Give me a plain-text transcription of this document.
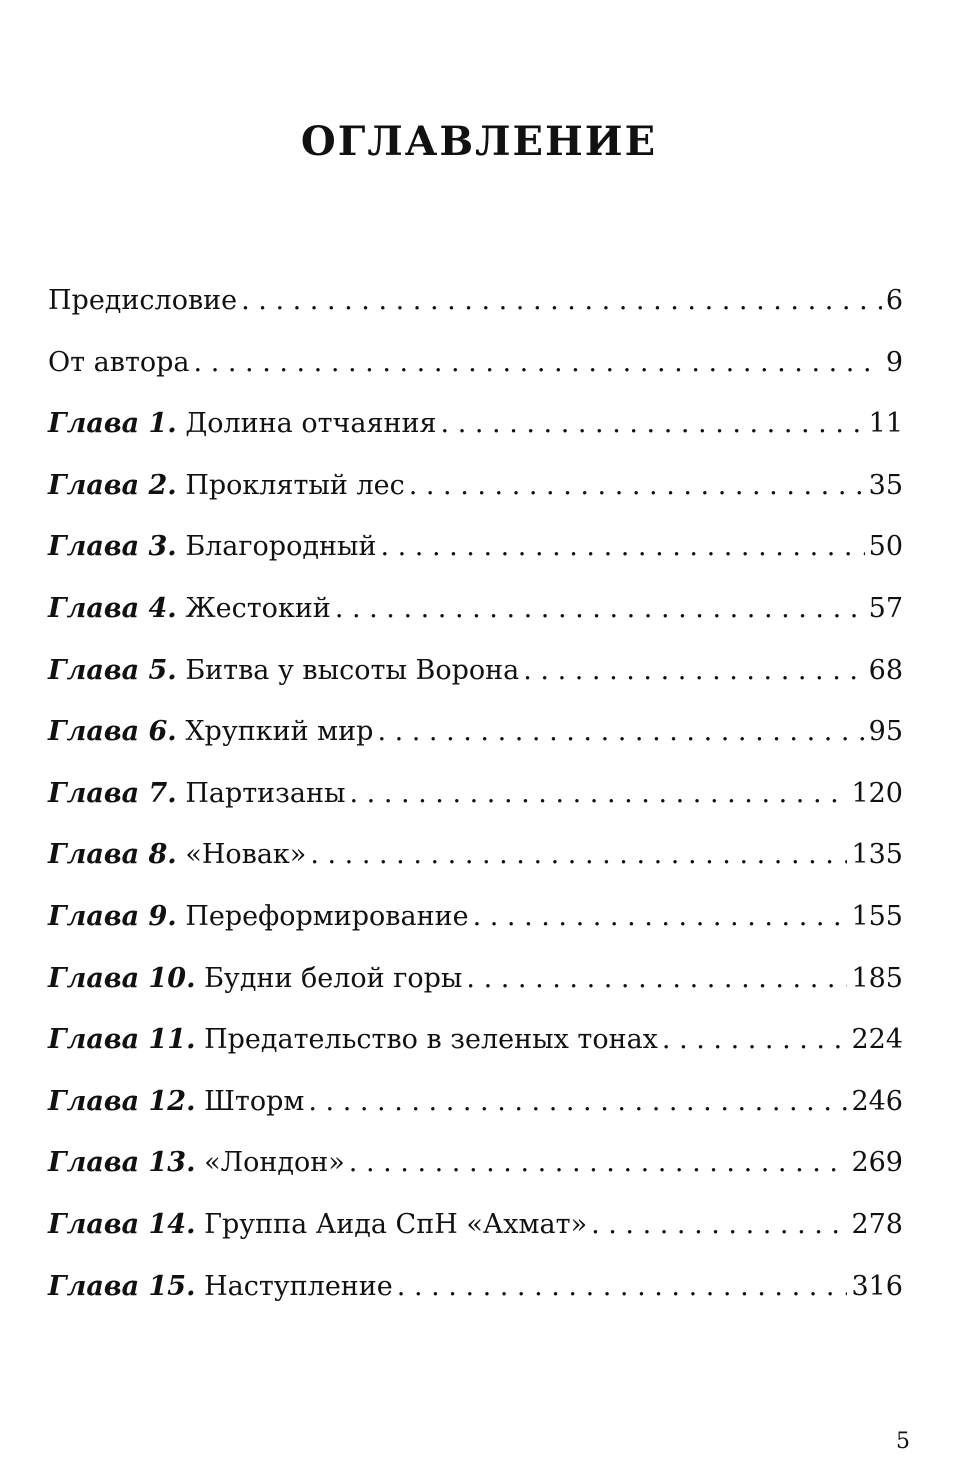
ОГЛАВЛЕНИЕ
Предисловие . . .	6
От автора . . .	9
Глава 1. Долина отчаяния . . .	11
Глава 2. Проклятый лес . . .	35
Глава 3. Благородный . . .	50
Глава 4. Жестокий . . .	57
Глава 5. Битва у высоты Ворона . . .	68
Глава 6. Хрупкий мир . . .	95
Глава 7. Партизаны . . .	120
Глава 8. «Новак» . . .	135
Глава 9. Переформирование . . .	155
Глава 10. Будни белой горы . . .	185
Глава 11. Предательство в зеленых тонах . . .	224
Глава 12. Шторм . . .	246
Глава 13. «Лондон» . . .	269
Глава 14. Группа Аида СпН «Ахмат» . . .	278
Глава 15. Наступление . . .	316
5
